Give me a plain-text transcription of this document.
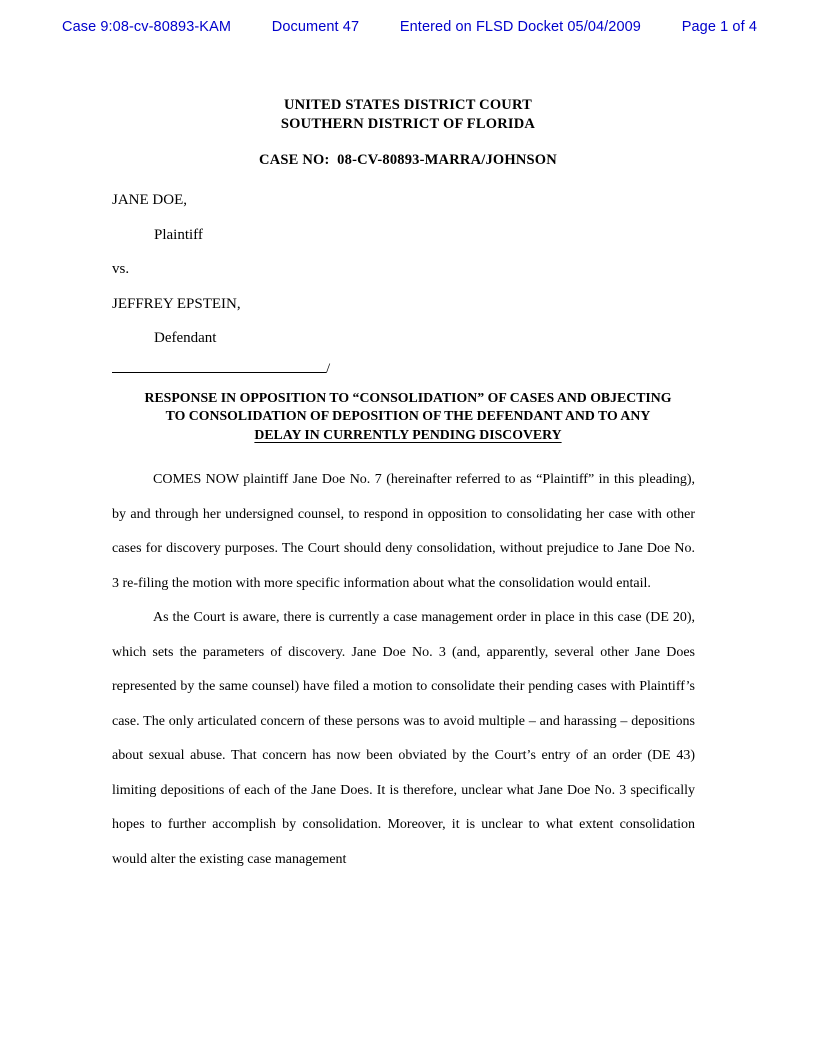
Case 9:08-cv-80893-KAM	Document 47	Entered on FLSD Docket 05/04/2009	Page 1 of 4
UNITED STATES DISTRICT COURT
SOUTHERN DISTRICT OF FLORIDA
CASE NO:  08-CV-80893-MARRA/JOHNSON
JANE DOE,
Plaintiff
vs.
JEFFREY EPSTEIN,
Defendant
/
RESPONSE IN OPPOSITION TO “CONSOLIDATION” OF CASES AND OBJECTING
TO CONSOLIDATION OF DEPOSITION OF THE DEFENDANT AND TO ANY
DELAY IN CURRENTLY PENDING DISCOVERY

COMES NOW plaintiff Jane Doe No. 7 (hereinafter referred to as “Plaintiff” in this pleading), by and through her undersigned counsel, to respond in opposition to consolidating her case with other cases for discovery purposes. The Court should deny consolidation, without prejudice to Jane Doe No. 3 re-filing the motion with more specific information about what the consolidation would entail.

As the Court is aware, there is currently a case management order in place in this case (DE 20), which sets the parameters of discovery. Jane Doe No. 3 (and, apparently, several other Jane Does represented by the same counsel) have filed a motion to consolidate their pending cases with Plaintiff’s case. The only articulated concern of these persons was to avoid multiple – and harassing – depositions about sexual abuse. That concern has now been obviated by the Court’s entry of an order (DE 43) limiting depositions of each of the Jane Does. It is therefore, unclear what Jane Doe No. 3 specifically hopes to further accomplish by consolidation. Moreover, it is unclear to what extent consolidation would alter the existing case management
